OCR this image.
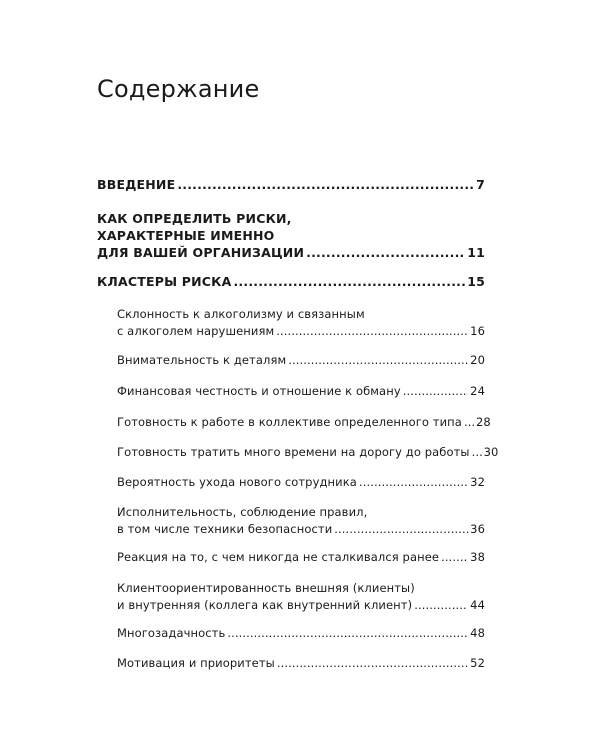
Содержание
ВВЕДЕНИЕ .....	7
КАК ОПРЕДЕЛИТЬ РИСКИ,
ХАРАКТЕРНЫЕ ИМЕННО
ДЛЯ ВАШЕЙ ОРГАНИЗАЦИИ .....	11
КЛАСТЕРЫ РИСКА .....	15
Склонность к алкоголизму и связанным
с алкоголем нарушениям .....	16
Внимательность к деталям .....	20
Финансовая честность и отношение к обману .....	24
Готовность к работе в коллективе определенного типа ..... 28
Готовность тратить много времени на дорогу до работы ..... 30
Вероятность ухода нового сотрудника .....	32
Исполнительность, соблюдение правил,
в том числе техники безопасности .....	36
Реакция на то, с чем никогда не сталкивался ранее .....	38
Клиентоориентированность внешняя (клиенты)
и внутренняя (коллега как внутренний клиент) .....	44
Многозадачность .....	48
Мотивация и приоритеты .....	52
